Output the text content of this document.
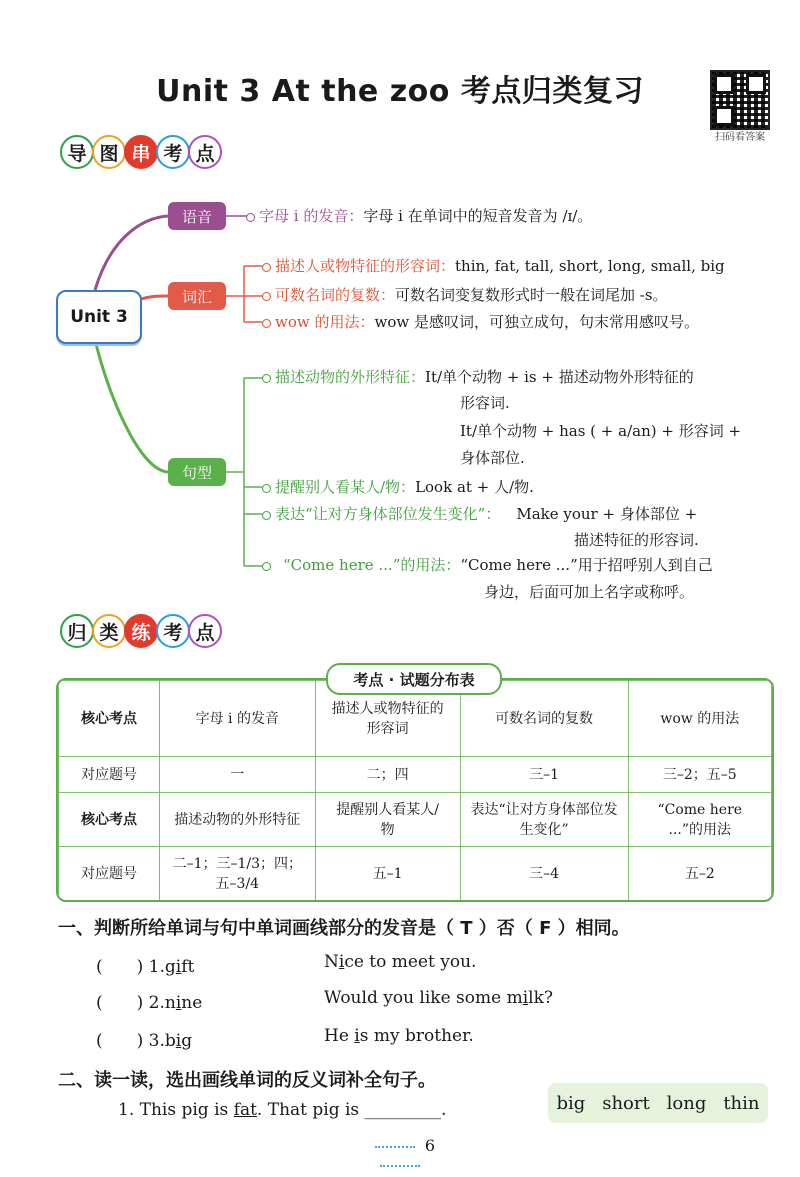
Unit 3 At the zoo 考点归类复习
扫码看答案
导 图 串 考 点
Unit 3
语音
词汇
句型
字母 i 的发音：字母 i 在单词中的短音发音为 /ɪ/。
描述人或物特征的形容词：thin, fat, tall, short, long, small, big
可数名词的复数：可数名词变复数形式时一般在词尾加 -s。
wow 的用法：wow 是感叹词，可独立成句，句末常用感叹号。
描述动物的外形特征：It/单个动物 + is + 描述动物外形特征的
形容词.
It/单个动物 + has ( + a/an) + 形容词 +
身体部位.
提醒别人看某人/物：Look at + 人/物.
表达“让对方身体部位发生变化”： Make your + 身体部位 +
描述特征的形容词.
“Come here ...”的用法：“Come here ...”用于招呼别人到自己
身边，后面可加上名字或称呼。
归 类 练 考 点
核心考点	字母 i 的发音	描述人或物特征的形容词	可数名词的复数	wow 的用法
对应题号	一	二；四	三–1	三–2；五–5
核心考点	描述动物的外形特征	提醒别人看某人/物	表达“让对方身体部位发生变化”	“Come here ...”的用法
对应题号	二–1；三–1/3；四；五–3/4	五–1	三–4	五–2
考点 · 试题分布表
一、判断所给单词与句中单词画线部分的发音是（ T ）否（ F ）相同。
(　　) 1.gift	Nice to meet you.
(　　) 2.nine	Would you like some milk?
(　　) 3.big	He is my brother.
二、读一读，选出画线单词的反义词补全句子。
big short long thin
1. This pig is fat. That pig is _________.
6
